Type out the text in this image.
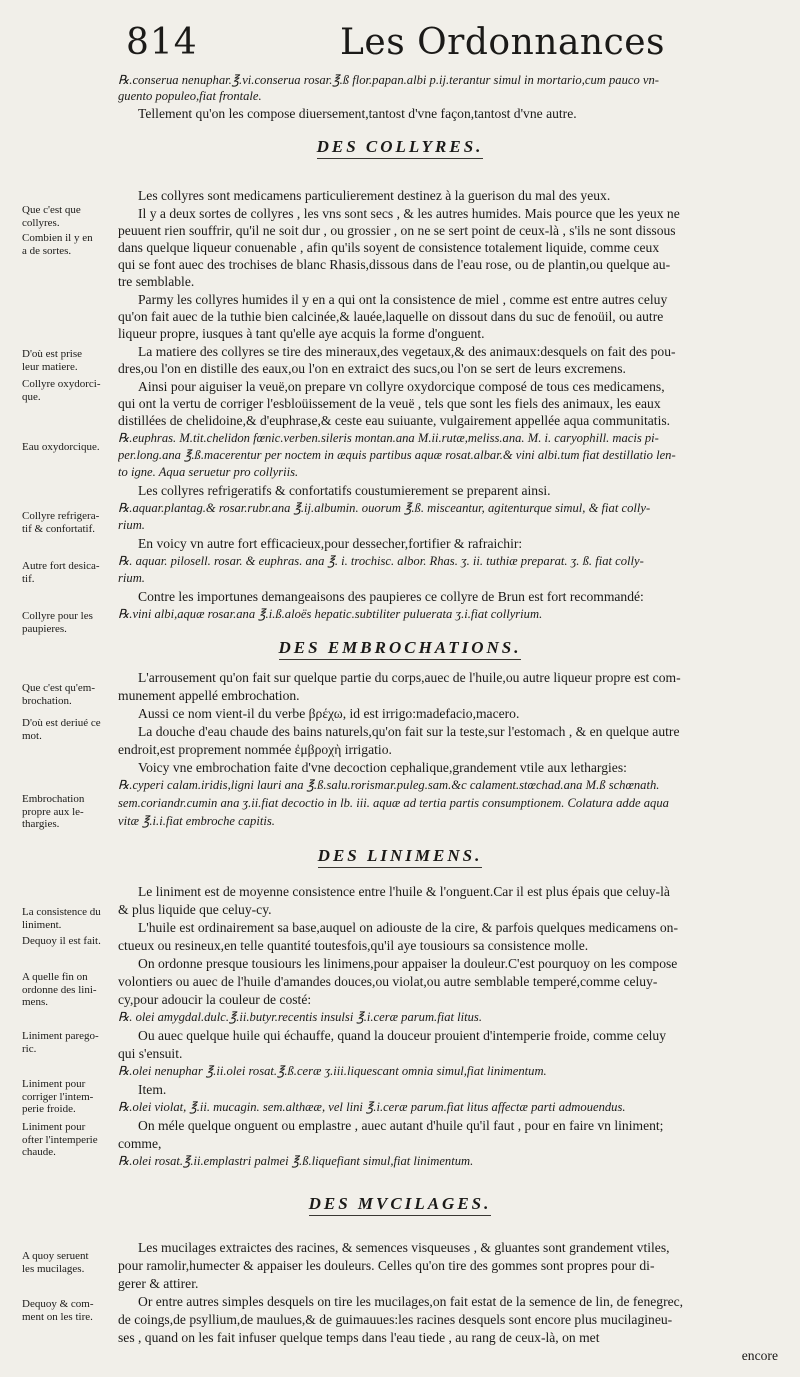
814	Les Ordonnances
℞.conserua nenuphar.℥.vi.conserua rosar.℥.ß flor.papan.albi p.ij.terantur simul in mortario,cum pauco vn-
guento populeo,fiat frontale.
Tellement qu'on les compose diuersement,tantost d'vne façon,tantost d'vne autre.
DES COLLYRES.
Les collyres sont medicamens particulierement destinez à la guerison du mal des yeux.
Il y a deux sortes de collyres , les vns sont secs , & les autres humides. Mais pource que les yeux ne
peuuent rien souffrir, qu'il ne soit dur , ou grossier , on ne se sert point de ceux-là , s'ils ne sont dissous
dans quelque liqueur conuenable , afin qu'ils soyent de consistence totalement liquide, comme ceux
qui se font auec des trochises de blanc Rhasis,dissous dans de l'eau rose, ou de plantin,ou quelque au-
tre semblable.
Parmy les collyres humides il y en a qui ont la consistence de miel , comme est entre autres celuy
qu'on fait auec de la tuthie bien calcinée,& lauée,laquelle on dissout dans du suc de fenoüil, ou autre
liqueur propre, iusques à tant qu'elle aye acquis la forme d'onguent.
La matiere des collyres se tire des mineraux,des vegetaux,& des animaux:desquels on fait des pou-
dres,ou l'on en distille des eaux,ou l'on en extraict des sucs,ou l'on se sert de leurs excremens.
Ainsi pour aiguiser la veuë,on prepare vn collyre oxydorcique composé de tous ces medicamens,
qui ont la vertu de corriger l'esbloüissement de la veuë , tels que sont les fiels des animaux, les eaux
distillées de chelidoine,& d'euphrase,& ceste eau suiuante, vulgairement appellée aqua communitatis.
℞.euphras. M.tit.chelidon fœnic.verben.sileris montan.ana M.ii.rutæ,meliss.ana. M. i. caryophill. macis pi-
per.long.ana ℥.ß.macerentur per noctem in æquis partibus aquæ rosat.albar.& vini albi.tum fiat destillatio len-
to igne. Aqua seruetur pro collyriis.
Les collyres refrigeratifs & confortatifs coustumierement se preparent ainsi.
℞.aquar.plantag.& rosar.rubr.ana ℥.ij.albumin. ouorum ℥.ß. misceantur, agitenturque simul, & fiat colly-
rium.
En voicy vn autre fort efficacieux,pour dessecher,fortifier & rafraichir:
℞. aquar. pilosell. rosar. & euphras. ana ℥. i. trochisc. albor. Rhas. ʒ. ii. tuthiæ preparat. ʒ. ß. fiat colly-
rium.
Contre les importunes demangeaisons des paupieres ce collyre de Brun est fort recommandé:
℞.vini albi,aquæ rosar.ana ℥.i.ß.aloës hepatic.subtiliter puluerata ʒ.i.fiat collyrium.
DES EMBROCHATIONS.
L'arrousement qu'on fait sur quelque partie du corps,auec de l'huile,ou autre liqueur propre est com-
munement appellé embrochation.
Aussi ce nom vient-il du verbe βρέχω, id est irrigo:madefacio,macero.
La douche d'eau chaude des bains naturels,qu'on fait sur la teste,sur l'estomach , & en quelque autre
endroit,est proprement nommée ἐμβροχὴ irrigatio.
Voicy vne embrochation faite d'vne decoction cephalique,grandement vtile aux lethargies:
℞.cyperi calam.iridis,ligni lauri ana ℥.ß.salu.rorismar.puleg.sam.&c calament.stœchad.ana M.ß schœnath.
sem.coriandr.cumin ana ʒ.ii.fiat decoctio in lb. iii. aquæ ad tertia partis consumptionem. Colatura adde aqua
vitæ ℥.i.i.fiat embroche capitis.
DES LINIMENS.
Le liniment est de moyenne consistence entre l'huile & l'onguent.Car il est plus épais que celuy-là
& plus liquide que celuy-cy.
L'huile est ordinairement sa base,auquel on adiouste de la cire, & parfois quelques medicamens on-
ctueux ou resineux,en telle quantité toutesfois,qu'il aye tousiours sa consistence molle.
On ordonne presque tousiours les linimens,pour appaiser la douleur.C'est pourquoy on les compose
volontiers ou auec de l'huile d'amandes douces,ou violat,ou autre semblable temperé,comme celuy-
cy,pour adoucir la couleur de costé:
℞. olei amygdal.dulc.℥.ii.butyr.recentis insulsi ℥.i.ceræ parum.fiat litus.
Ou auec quelque huile qui échauffe, quand la douceur prouient d'intemperie froide, comme celuy
qui s'ensuit.
℞.olei nenuphar ℥.ii.olei rosat.℥.ß.ceræ ʒ.iii.liquescant omnia simul,fiat linimentum.
Item.
℞.olei violat, ℥.ii. mucagin. sem.althææ, vel lini ℥.i.ceræ parum.fiat litus affectæ parti admouendus.
On méle quelque onguent ou emplastre , auec autant d'huile qu'il faut , pour en faire vn liniment;
comme,
℞.olei rosat.℥.ii.emplastri palmei ℥.ß.liquefiant simul,fiat linimentum.
DES MVCILAGES.
Les mucilages extraictes des racines, & semences visqueuses , & gluantes sont grandement vtiles,
pour ramolir,humecter & appaiser les douleurs. Celles qu'on tire des gommes sont propres pour di-
gerer & attirer.
Or entre autres simples desquels on tire les mucilages,on fait estat de la semence de lin, de fenegrec,
de coings,de psyllium,de maulues,& de guimauues:les racines desquels sont encore plus mucilagineu-
ses , quand on les fait infuser quelque temps dans l'eau tiede , au rang de ceux-là, on met
encore
Que c'est que
collyres.
Combien il y en
a de sortes.
D'où est prise
leur matiere.
Collyre oxydorci-
que.
Eau oxydorcique.
Collyre refrigera-
tif & confortatif.
Autre fort desica-
tif.
Collyre pour les
paupieres.
Que c'est qu'em-
brochation.
D'où est deriué ce
mot.
Embrochation
propre aux le-
thargies.
La consistence du
liniment.
Dequoy il est fait.
A quelle fin on
ordonne des lini-
mens.
Liniment parego-
ric.
Liniment pour
corriger l'intem-
perie froide.
Liniment pour
ofter l'intemperie
chaude.
A quoy seruent
les mucilages.
Dequoy & com-
ment on les tire.
